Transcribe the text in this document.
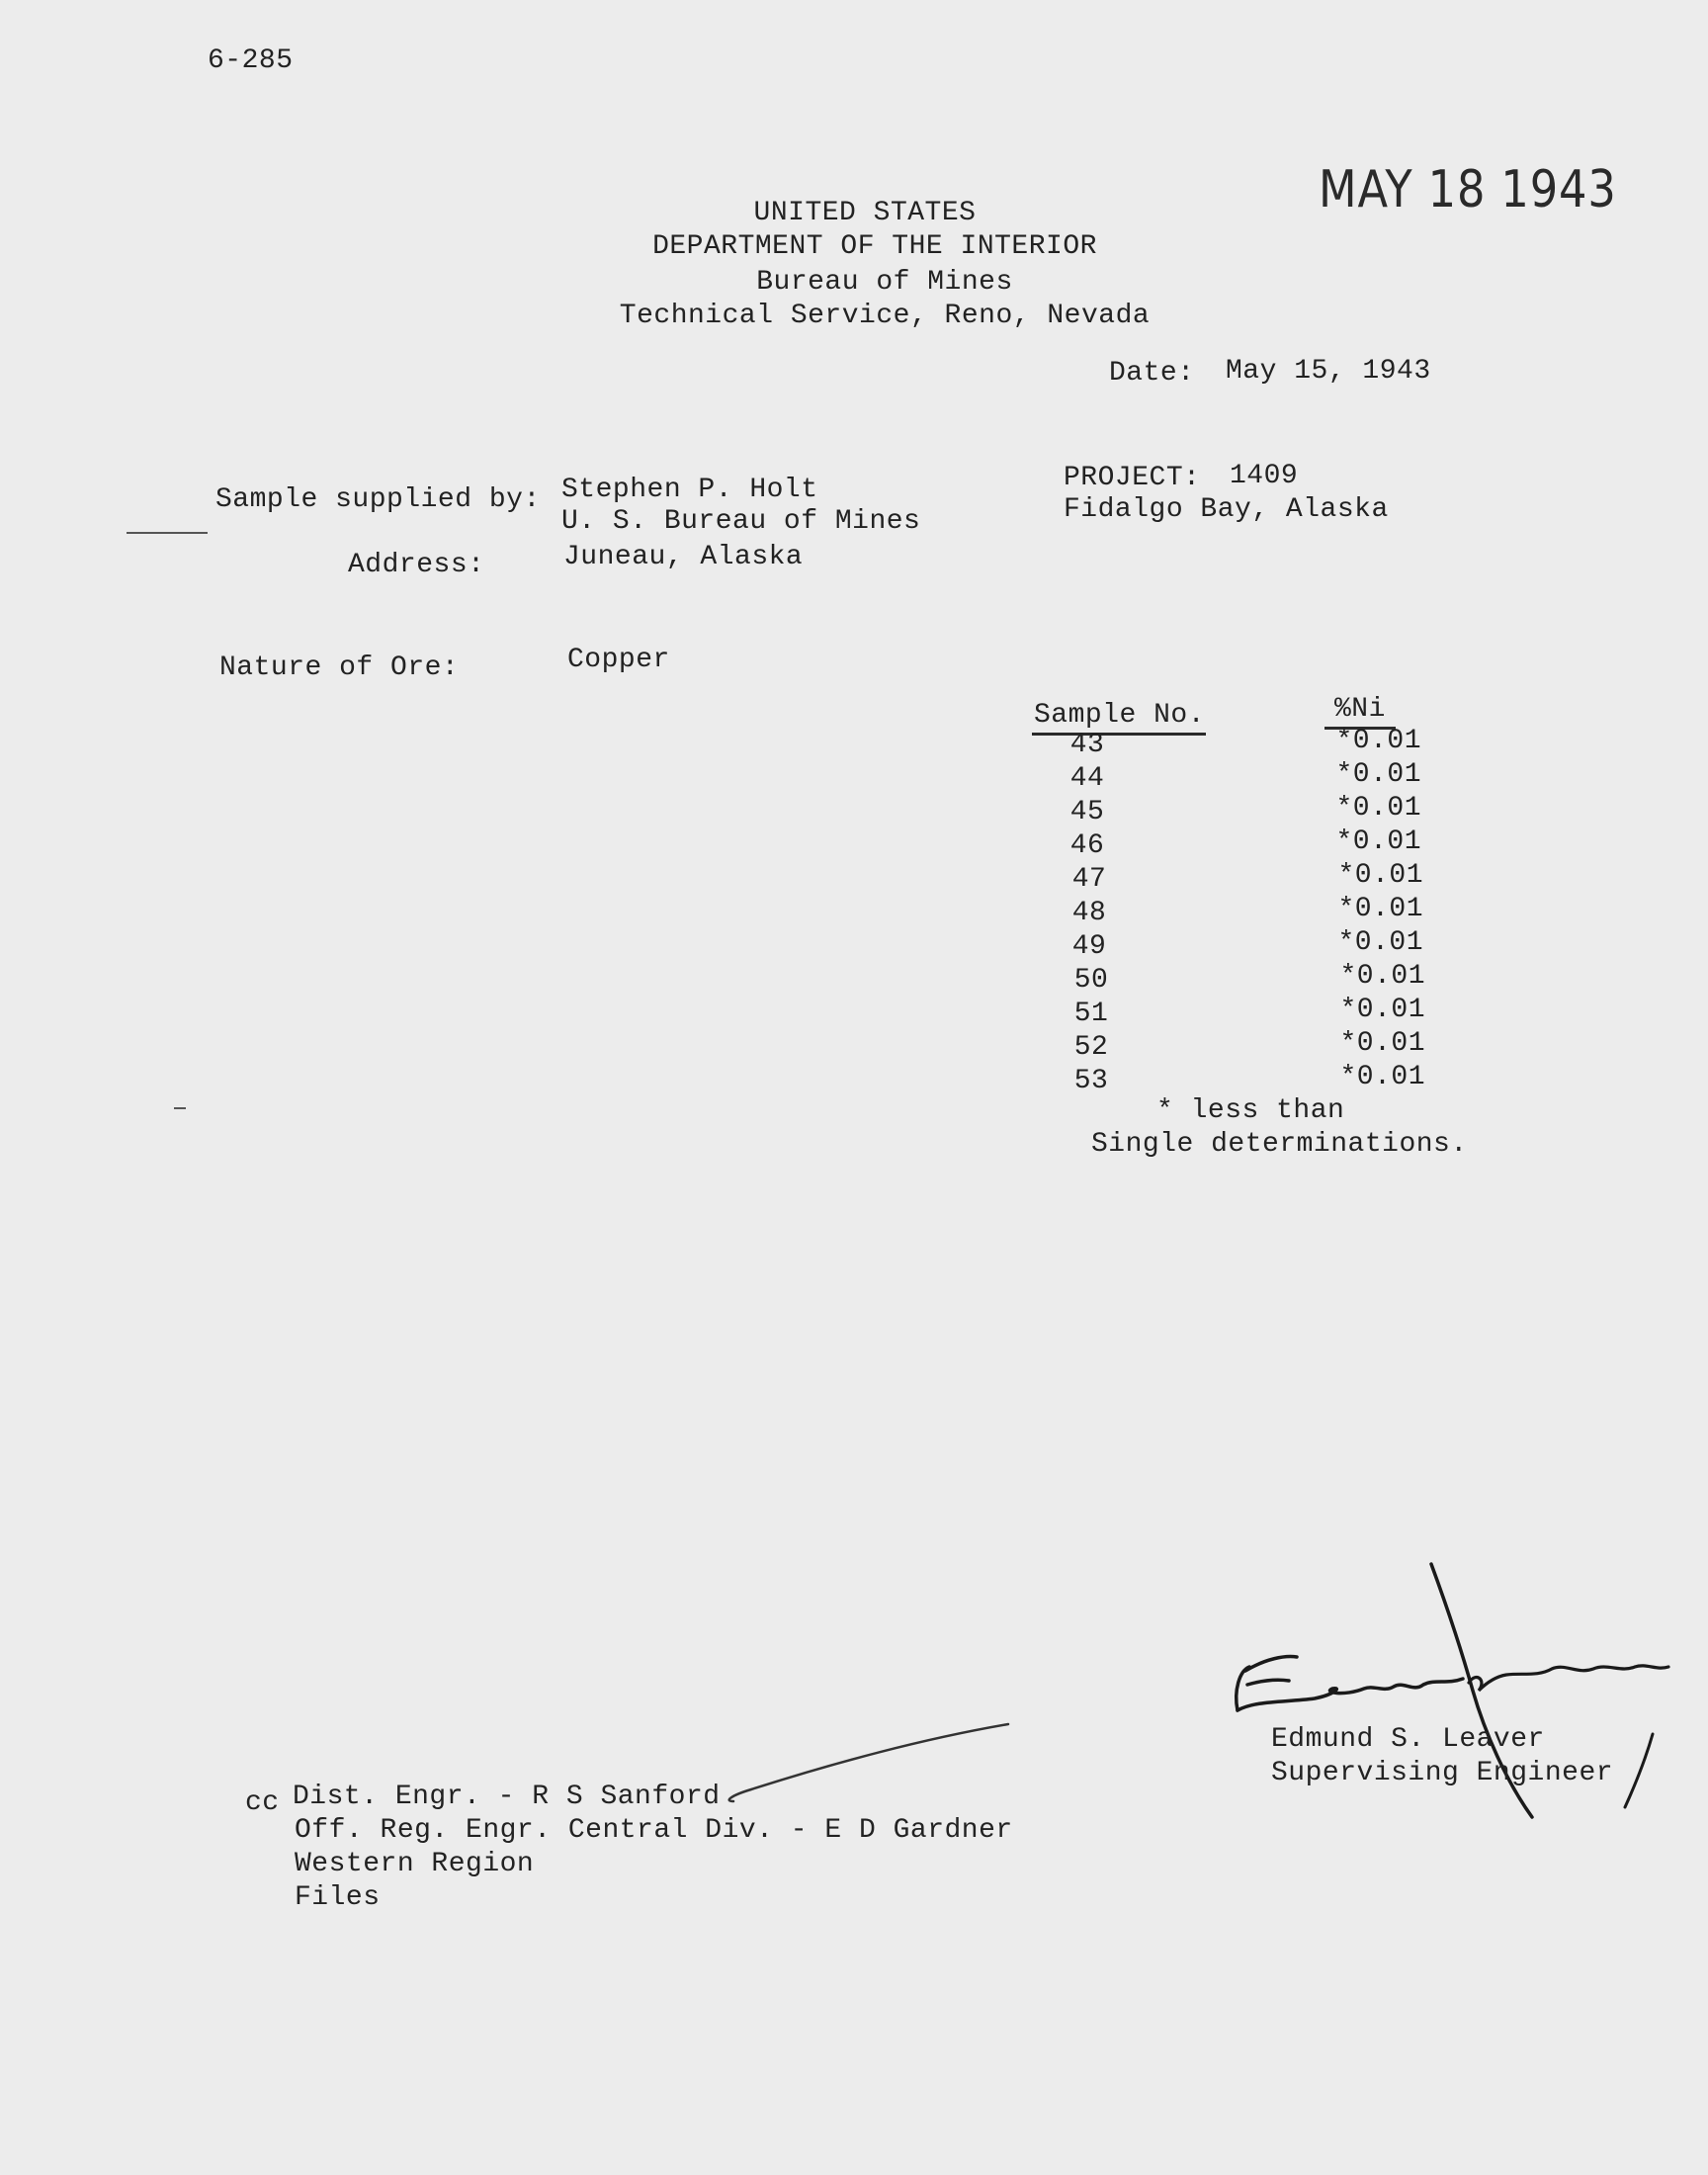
6-285
MAY 18 1943
UNITED STATES
DEPARTMENT OF THE INTERIOR
Bureau of Mines
Technical Service, Reno, Nevada
Date: May 15, 1943
Sample supplied by: Stephen P. Holt
U. S. Bureau of Mines
Address:	Juneau, Alaska
PROJECT: 1409
Fidalgo Bay, Alaska
Nature of Ore:	Copper
Sample No.	%Ni
43	*0.01
44	*0.01
45	*0.01
46	*0.01
47	*0.01
48	*0.01
49	*0.01
50	*0.01
51	*0.01
52	*0.01
53	*0.01
* less than
Single determinations.
Edmund S. Leaver
Supervising Engineer
cc Dist. Engr. - R S Sanford
Off. Reg. Engr. Central Div. - E D Gardner
Western Region
Files
